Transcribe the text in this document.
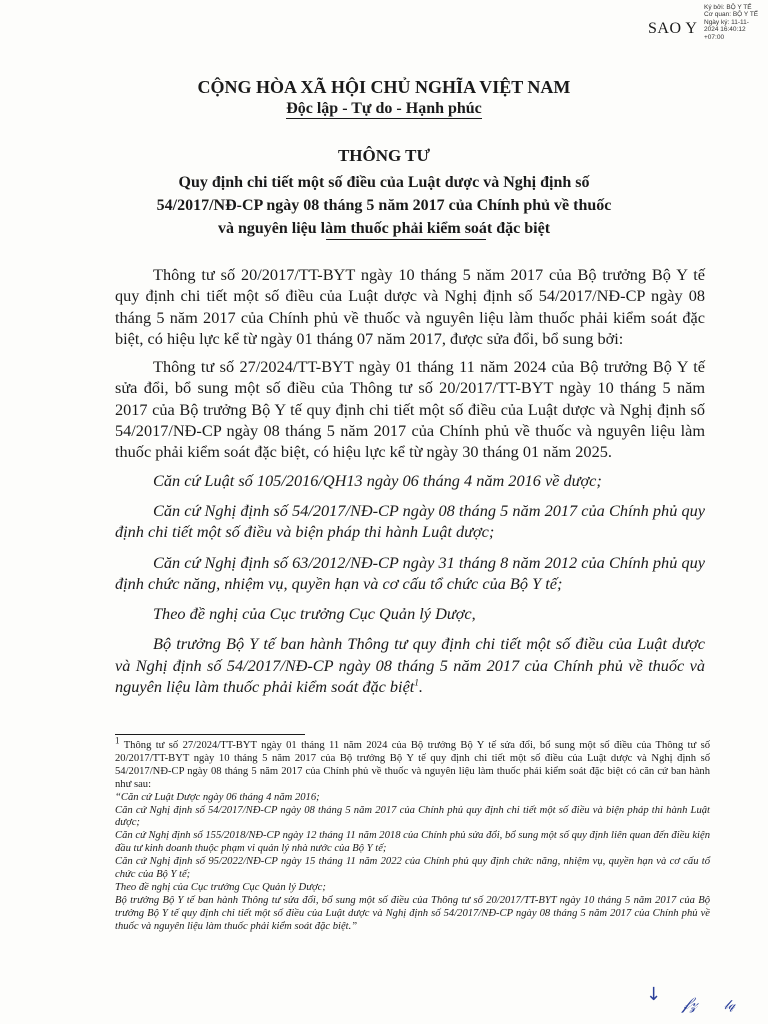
SAO Y
Ký bởi: BỘ Y TẾ
Cơ quan: BỘ Y TẾ
Ngày ký: 11-11-
2024 16:40:12
+07:00
CỘNG HÒA XÃ HỘI CHỦ NGHĨA VIỆT NAM
Độc lập - Tự do - Hạnh phúc
THÔNG TƯ
Quy định chi tiết một số điều của Luật dược và Nghị định số 54/2017/NĐ-CP ngày 08 tháng 5 năm 2017 của Chính phủ về thuốc và nguyên liệu làm thuốc phải kiểm soát đặc biệt

Thông tư số 20/2017/TT-BYT ngày 10 tháng 5 năm 2017 của Bộ trưởng Bộ Y tế quy định chi tiết một số điều của Luật dược và Nghị định số 54/2017/NĐ-CP ngày 08 tháng 5 năm 2017 của Chính phủ về thuốc và nguyên liệu làm thuốc phải kiểm soát đặc biệt, có hiệu lực kể từ ngày 01 tháng 07 năm 2017, được sửa đổi, bổ sung bởi:

Thông tư số 27/2024/TT-BYT ngày 01 tháng 11 năm 2024 của Bộ trưởng Bộ Y tế sửa đổi, bổ sung một số điều của Thông tư số 20/2017/TT-BYT ngày 10 tháng 5 năm 2017 của Bộ trưởng Bộ Y tế quy định chi tiết một số điều của Luật dược và Nghị định số 54/2017/NĐ-CP ngày 08 tháng 5 năm 2017 của Chính phủ về thuốc và nguyên liệu làm thuốc phải kiểm soát đặc biệt, có hiệu lực kể từ ngày 30 tháng 01 năm 2025.

Căn cứ Luật số 105/2016/QH13 ngày 06 tháng 4 năm 2016 về dược;

Căn cứ Nghị định số 54/2017/NĐ-CP ngày 08 tháng 5 năm 2017 của Chính phủ quy định chi tiết một số điều và biện pháp thi hành Luật dược;

Căn cứ Nghị định số 63/2012/NĐ-CP ngày 31 tháng 8 năm 2012 của Chính phủ quy định chức năng, nhiệm vụ, quyền hạn và cơ cấu tổ chức của Bộ Y tế;

Theo đề nghị của Cục trưởng Cục Quản lý Dược,

Bộ trưởng Bộ Y tế ban hành Thông tư quy định chi tiết một số điều của Luật dược và Nghị định số 54/2017/NĐ-CP ngày 08 tháng 5 năm 2017 của Chính phủ về thuốc và nguyên liệu làm thuốc phải kiểm soát đặc biệt$^1$.

$^1$ Thông tư số 27/2024/TT-BYT ngày 01 tháng 11 năm 2024 của Bộ trưởng Bộ Y tế sửa đổi, bổ sung một số điều của Thông tư số 20/2017/TT-BYT ngày 10 tháng 5 năm 2017 của Bộ trưởng Bộ Y tế quy định chi tiết một số điều của Luật dược và Nghị định số 54/2017/NĐ-CP ngày 08 tháng 5 năm 2017 của Chính phủ về thuốc và nguyên liệu làm thuốc phải kiểm soát đặc biệt có căn cứ ban hành như sau:

“Căn cứ Luật Dược ngày 06 tháng 4 năm 2016;

Căn cứ Nghị định số 54/2017/NĐ-CP ngày 08 tháng 5 năm 2017 của Chính phủ quy định chi tiết một số điều và biện pháp thi hành Luật dược;

Căn cứ Nghị định số 155/2018/NĐ-CP ngày 12 tháng 11 năm 2018 của Chính phủ sửa đổi, bổ sung một số quy định liên quan đến điều kiện đầu tư kinh doanh thuộc phạm vi quản lý nhà nước của Bộ Y tế;

Căn cứ Nghị định số 95/2022/NĐ-CP ngày 15 tháng 11 năm 2022 của Chính phủ quy định chức năng, nhiệm vụ, quyền hạn và cơ cấu tổ chức của Bộ Y tế;

Theo đề nghị của Cục trưởng Cục Quản lý Dược;

Bộ trưởng Bộ Y tế ban hành Thông tư sửa đổi, bổ sung một số điều của Thông tư số 20/2017/TT-BYT ngày 10 tháng 5 năm 2017 của Bộ trưởng Bộ Y tế quy định chi tiết một số điều của Luật dược và Nghị định số 54/2017/NĐ-CP ngày 08 tháng 5 năm 2017 của Chính phủ về thuốc và nguyên liệu làm thuốc phải kiểm soát đặc biệt.”

↓ 𝒻𝓏 𝓁𝓆
